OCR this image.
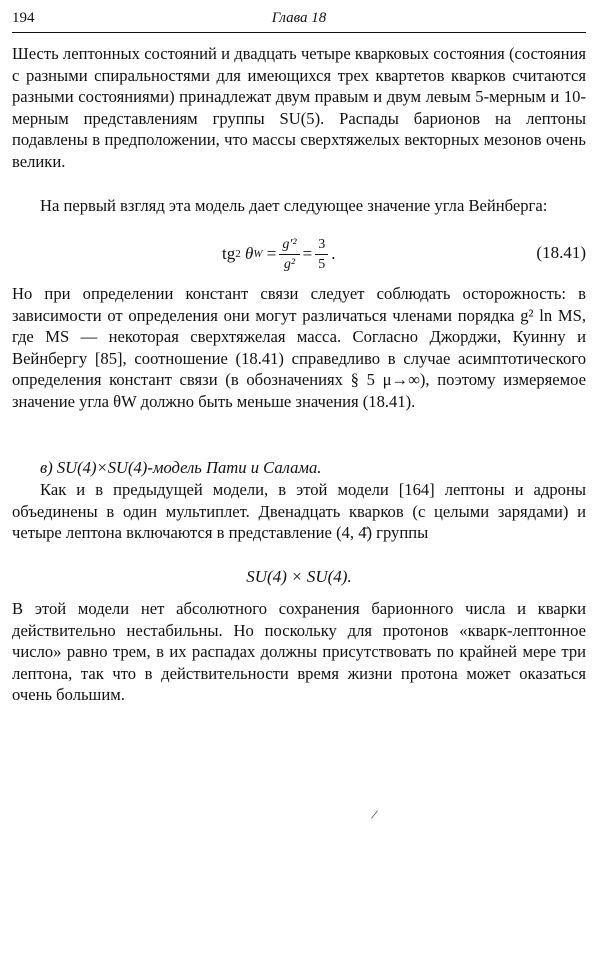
194	Глава 18

Шесть лептонных состояний и двадцать четыре кварковых состояния (состояния с разными спиральностями для имеющихся трех квартетов кварков считаются разными состояниями) принадлежат двум правым и двум левым 5-мерным и 10-мерным представлениям группы SU(5). Распады барионов на лептоны подавлены в предположении, что массы сверхтяжелых векторных мезонов очень велики.

На первый взгляд эта модель дает следующее значение угла Вейнберга:

tg 2
θ W
= $\frac{\text{g′²}}{\text{g²}} = \frac{3}{5}$ .	(18.41)

Но при определении констант связи следует соблюдать осторожность: в зависимости от определения они могут различаться членами порядка g² ln MS, где MS — некоторая сверхтяжелая масса. Согласно Джорджи, Куинну и Вейнбергу [85], соотношение (18.41) справедливо в случае асимптотического определения констант связи (в обозначениях § 5 μ→∞), поэтому измеряемое значение угла θW должно быть меньше значения (18.41).

в) SU(4)×SU(4)-модель Пати и Салама.

Как и в предыдущей модели, в этой модели [164] лептоны и адроны объединены в один мультиплет. Двенадцать кварков (с целыми зарядами) и четыре лептона включаются в представление (4, 4̄) группы

SU(4) × SU(4).

В этой модели нет абсолютного сохранения барионного числа и кварки действительно нестабильны. Но поскольку для протонов «кварк-лептонное число» равно трем, в их распадах должны присутствовать по крайней мере три лептона, так что в действительности время жизни протона может оказаться очень большим.

/
